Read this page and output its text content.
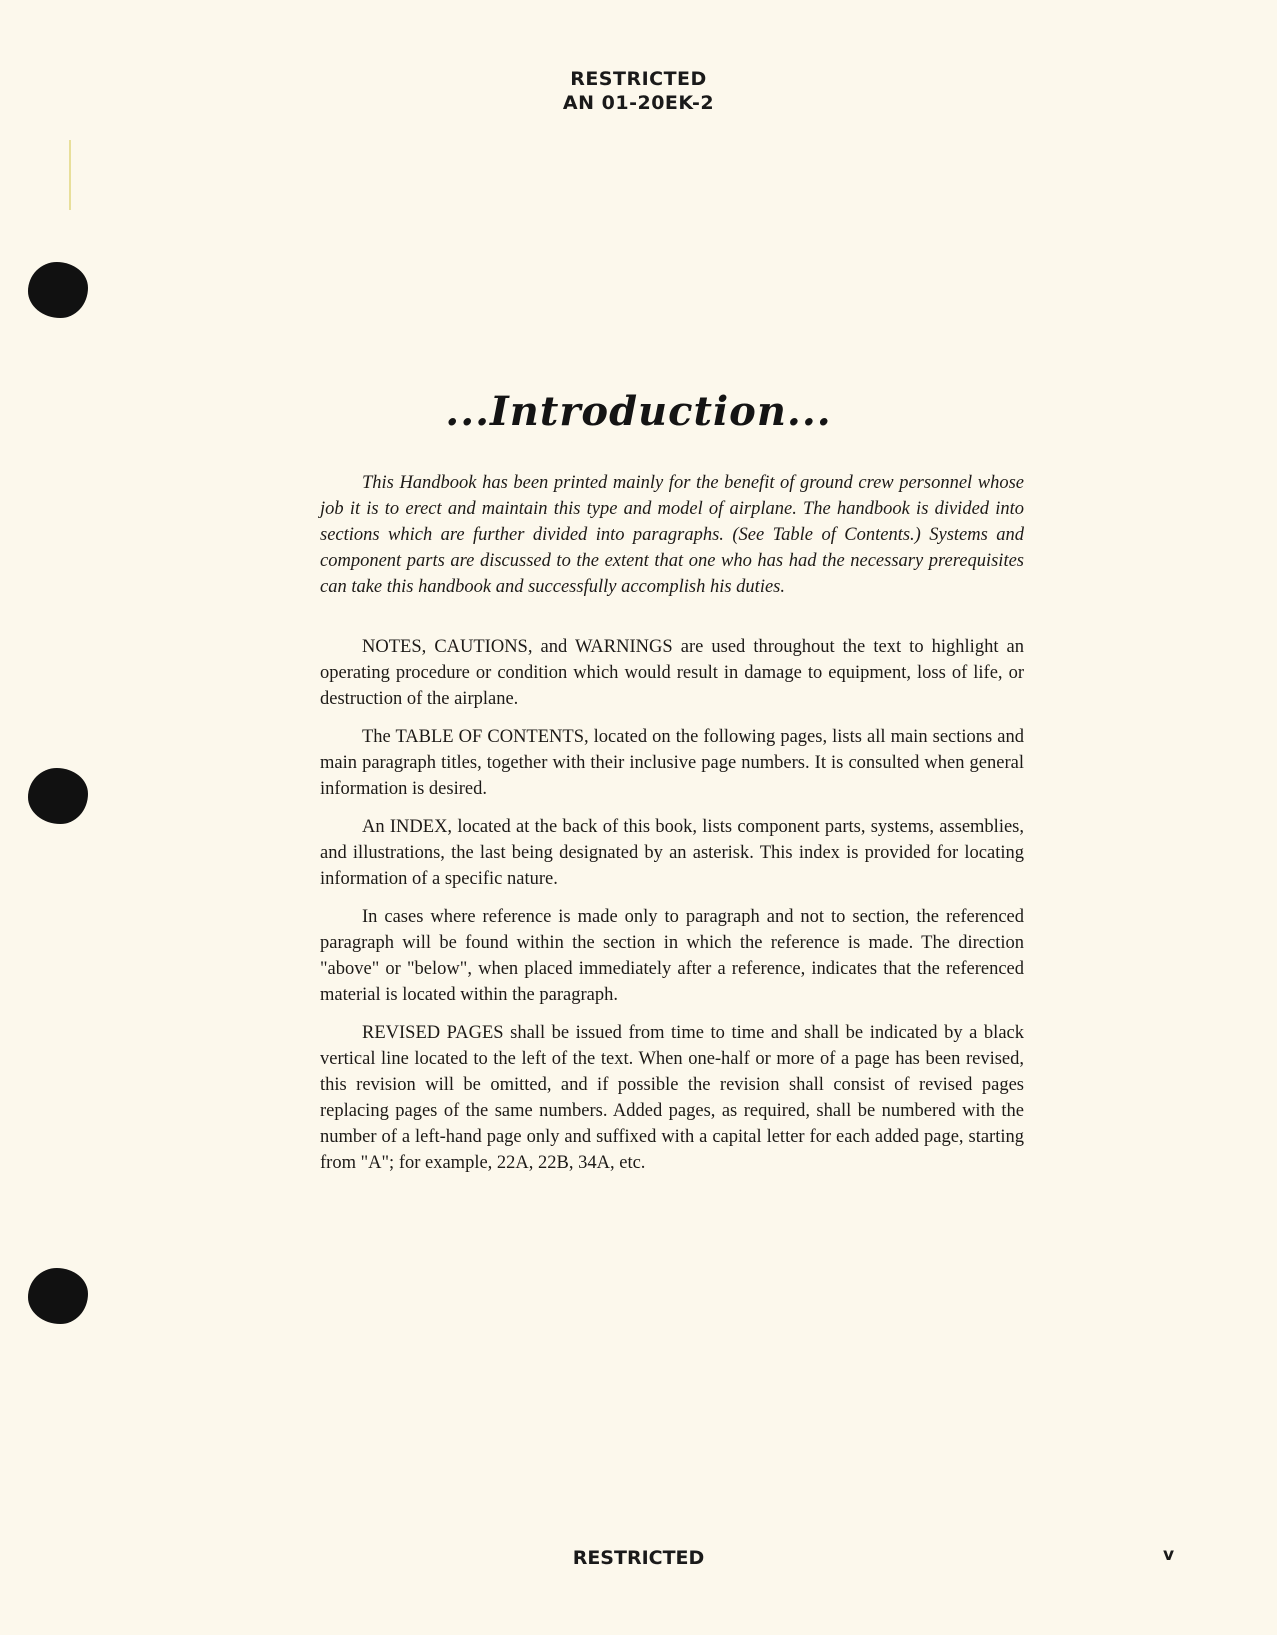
RESTRICTED
AN 01-20EK-2
...Introduction...

This Handbook has been printed mainly for the benefit of ground crew personnel whose job it is to erect and maintain this type and model of airplane. The handbook is divided into sections which are further divided into paragraphs. (See Table of Contents.) Systems and component parts are discussed to the extent that one who has had the necessary prerequisites can take this handbook and successfully accomplish his duties.

NOTES, CAUTIONS, and WARNINGS are used throughout the text to highlight an operating procedure or condition which would result in damage to equipment, loss of life, or destruction of the airplane.

The TABLE OF CONTENTS, located on the following pages, lists all main sections and main paragraph titles, together with their inclusive page numbers. It is consulted when general information is desired.

An INDEX, located at the back of this book, lists component parts, systems, assemblies, and illustrations, the last being designated by an asterisk. This index is provided for locating information of a specific nature.

In cases where reference is made only to paragraph and not to section, the referenced paragraph will be found within the section in which the reference is made. The direction "above" or "below", when placed immediately after a reference, indicates that the referenced material is located within the paragraph.

REVISED PAGES shall be issued from time to time and shall be indicated by a black vertical line located to the left of the text. When one-half or more of a page has been revised, this revision will be omitted, and if possible the revision shall consist of revised pages replacing pages of the same numbers. Added pages, as required, shall be numbered with the number of a left-hand page only and suffixed with a capital letter for each added page, starting from "A"; for example, 22A, 22B, 34A, etc.

RESTRICTED	v
